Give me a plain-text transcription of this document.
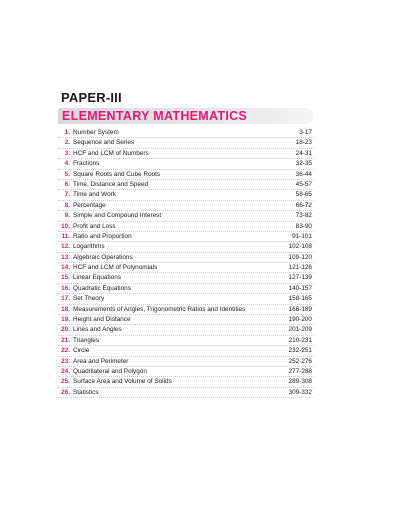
PAPER-III
ELEMENTARY MATHEMATICS
1. Number System	3-17
2. Sequence and Series	18-23
3. HCF and LCM of Numbers	24-31
4. Fractions	32-35
5. Square Roots and Cube Roots	36-44
6. Time, Distance and Speed	45-57
7. Time and Work	58-65
8. Percentage	66-72
9. Simple and Compound Interest	73-82
10. Profit and Loss	83-90
11. Ratio and Proportion	91-101
12. Logarithms	102-108
13. Algebraic Operations	109-120
14. HCF and LCM of Polynomials	121-126
15. Linear Equations	127-139
16. Quadratic Equations	140-157
17. Set Theory	158-165
18. Measurements of Angles, Trigonometric Ratios and Identities	166-189
19. Height and Distance	190-200
20. Lines and Angles	201-209
21. Triangles	210-231
22. Circle	232-251
23. Area and Perimeter	252-276
24. Quadrilateral and Polygon	277-288
25. Surface Area and Volume of Solids	289-308
26. Statistics	309-332
